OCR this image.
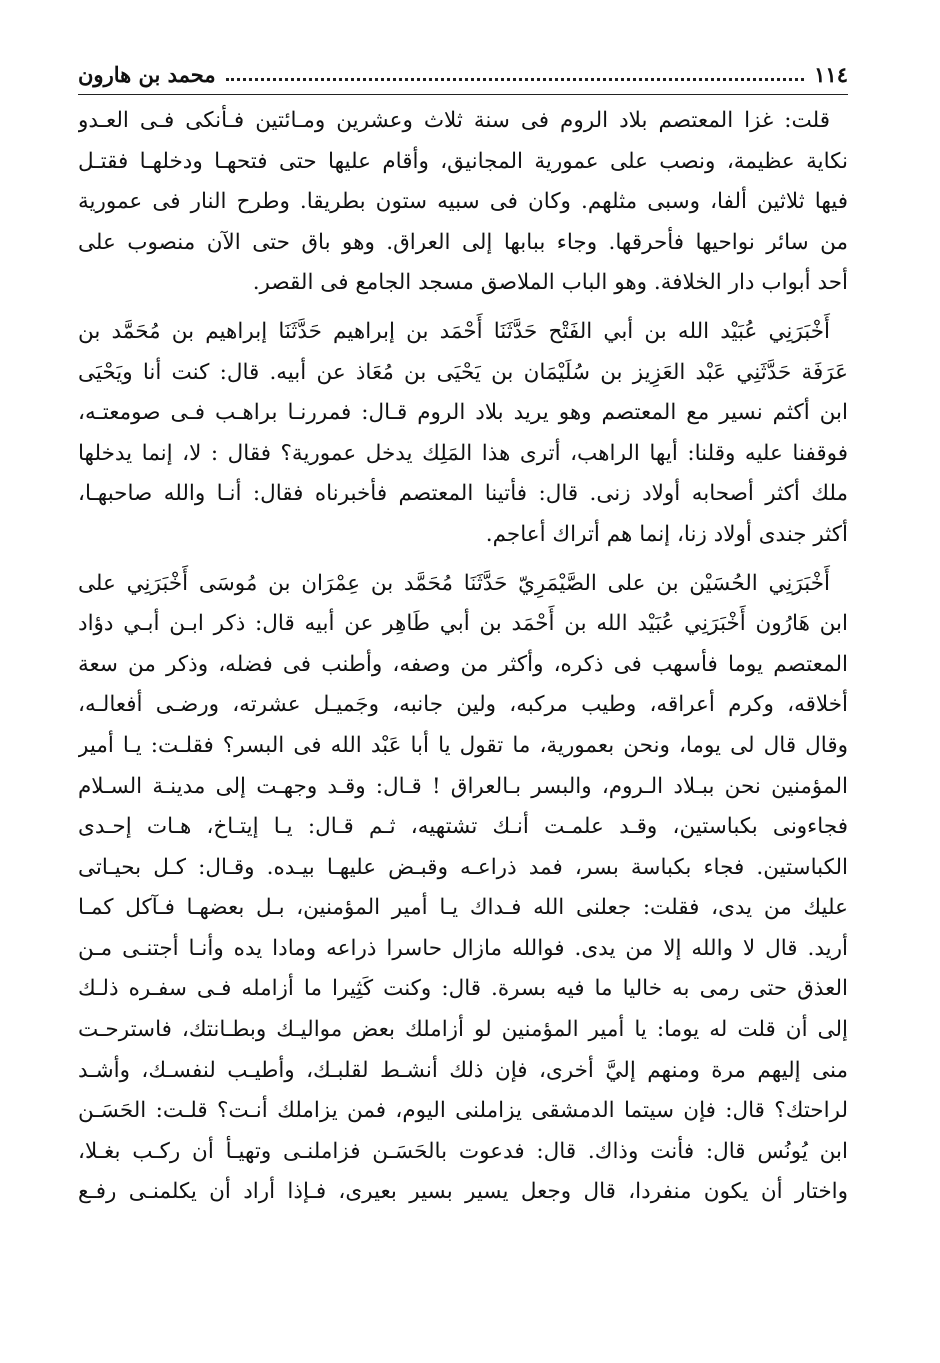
١١٤
محمد بن هارون
قلت: غزا المعتصم بلاد الروم فى سنة ثلاث وعشرين ومـائتين فـأنكى فـى العـدو
نكاية عظيمة، ونصب على عمورية المجانيق، وأقام عليها حتى فتحهـا ودخلهـا فقتـل
فيها ثلاثين ألفا، وسبى مثلهم. وكان فى سبيه ستون بطريقا. وطرح النار فى عمورية
من سائر نواحيها فأحرقها. وجاء ببابها إلى العراق. وهو باق حتى الآن منصوب على
أحد أبواب دار الخلافة. وهو الباب الملاصق مسجد الجامع فى القصر.
أَخْبَرَنِي عُبَيْد الله بن أبي الفَتْح حَدَّثَنَا أَحْمَد بن إبراهيم حَدَّثَنَا إبراهيم بن مُحَمَّد بن
عَرَفَة حَدَّثَنِي عَبْد العَزِيز بن سُلَيْمَان بن يَحْيَى بن مُعَاذ عن أبيه. قال: كنت أنا ويَحْيَى
ابن أكثم نسير مع المعتصم وهو يريد بلاد الروم قـال: فمررنـا براهـب فـى صومعتـه،
فوقفنا عليه وقلنا: أيها الراهب، أترى هذا المَلِك يدخل عمورية؟ فقال : لا، إنما يدخلها
ملك أكثر أصحابه أولاد زنى. قال: فأتينا المعتصم فأخبرناه فقال: أنـا والله صاحبهـا،
أكثر جندى أولاد زنا، إنما هم أتراك أعاجم.
أَخْبَرَنِي الحُسَيْن بن على الصَّيْمَرِيّ حَدَّثَنَا مُحَمَّد بن عِمْرَان بن مُوسَى أَخْبَرَنِي على
ابن هَارُون أَخْبَرَنِي عُبَيْد الله بن أَحْمَد بن أبي طَاهِر عن أبيه قال: ذكر ابـن أبـي دؤاد
المعتصم يوما فأسهب فى ذكره، وأكثر من وصفه، وأطنب فى فضله، وذكر من سعة
أخلاقه، وكرم أعراقه، وطيب مركبه، ولين جانبه، وجَميـل عشرته، ورضـى أفعالـه،
وقال قال لى يوما، ونحن بعمورية، ما تقول يا أبا عَبْد الله فى البسر؟ فقلـت: يـا أمير
المؤمنين نحن ببـلاد الـروم، والبسر بـالعراق ! قـال: وقـد وجهـت إلى مدينـة السـلام
فجاءونى بكباستين، وقـد علمـت أنـك تشتهيه، ثـم قـال: يـا إيتـاخ، هـات إحـدى
الكباستين. فجاء بكباسة بسر، فمد ذراعـه وقبـض عليهـا بيـده. وقـال: كـل بحيـاتى
عليك من يدى، فقلت: جعلنى الله فـداك يـا أمير المؤمنين، بـل بعضهـا فـآكل كمـا
أريد. قال لا والله إلا من يدى. فوالله مازال حاسرا ذراعه ومادا يده وأنـا أجتنـى مـن
العذق حتى رمى به خاليا ما فيه بسرة. قال: وكنت كَثِيرا ما أزامله فـى سفـره ذلـك
إلى أن قلت له يوما: يا أمير المؤمنين لو أزاملك بعض مواليـك وبطـانتك، فاسترحـت
منى إليهم مرة ومنهم إليَّ أخرى، فإن ذلك أنشـط لقلبـك، وأطيـب لنفسـك، وأشـد
لراحتك؟ قال: فإن سيتما الدمشقى يزاملنى اليوم، فمن يزاملك أنـت؟ قلـت: الحَسَـن
ابن يُونُس قال: فأنت وذاك. قال: فدعوت بالحَسَـن فزاملنـى وتهيـأ أن ركـب بغـلا،
واختار أن يكون منفردا، قال وجعل يسير بسير بعيرى، فـإذا أراد أن يكلمنـى رفـع
